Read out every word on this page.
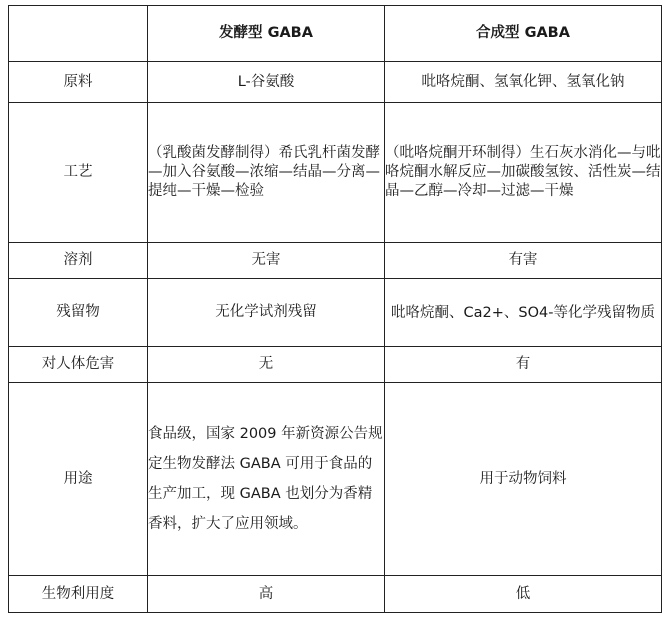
	发酵型 GABA	合成型 GABA
原料	L-谷氨酸	吡咯烷酮、氢氧化钾、氢氧化钠
工艺	（乳酸菌发酵制得）希氏乳杆菌发酵—加入谷氨酸—浓缩—结晶—分离—提纯—干燥—检验	（吡咯烷酮开环制得）生石灰水消化—与吡咯烷酮水解反应—加碳酸氢铵、活性炭—结晶—乙醇—冷却—过滤—干燥
溶剂	无害	有害
残留物	无化学试剂残留	吡咯烷酮、Ca2+、SO4-等化学残留物质
对人体危害	无	有
用途	食品级，国家 2009 年新资源公告规定生物发酵法 GABA 可用于食品的生产加工，现 GABA 也划分为香精香料，扩大了应用领域。	用于动物饲料
生物利用度	高	低
